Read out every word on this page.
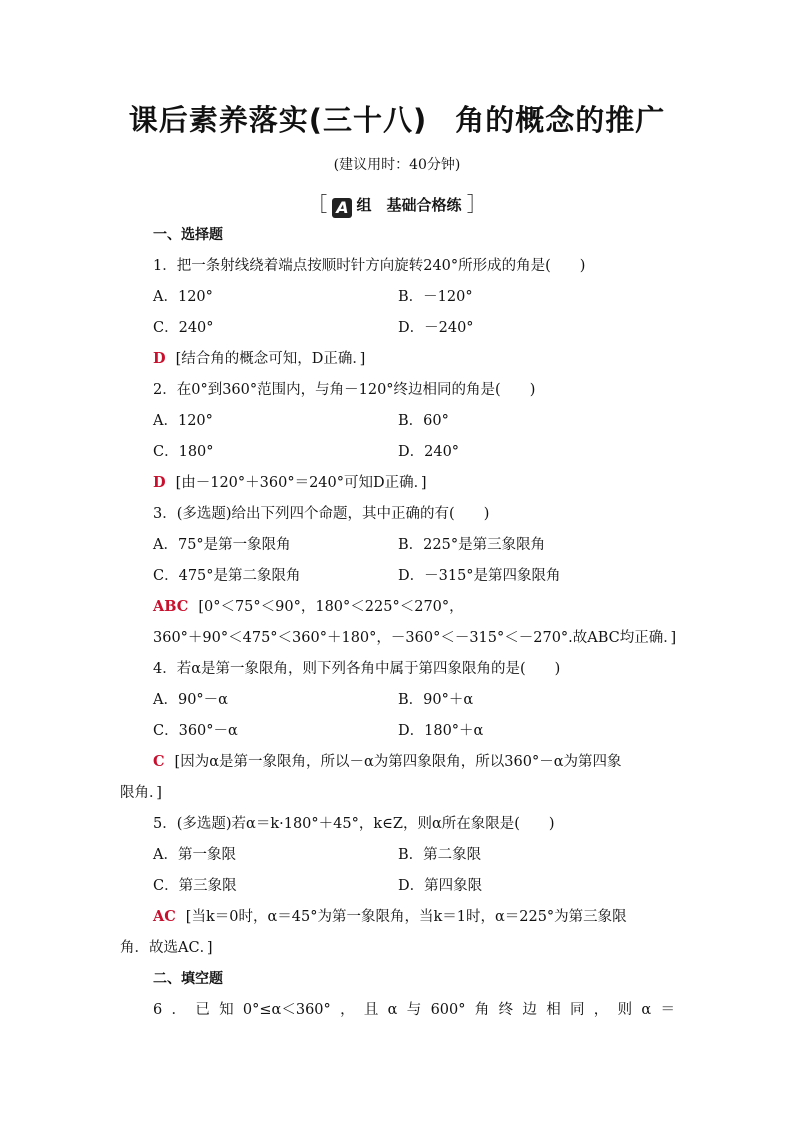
课后素养落实(三十八) 角的概念的推广
(建议用时：40分钟)
［ A 组　基础合格练 ］
一、选择题
1．把一条射线绕着端点按顺时针方向旋转240°所形成的角是(　　)
A．120°	B．－120°
C．240°	D．－240°
D [结合角的概念可知，D正确．]
2．在0°到360°范围内，与角－120°终边相同的角是(　　)
A．120°	B．60°
C．180°	D．240°
D [由－120°＋360°＝240°可知D正确．]
3．(多选题)给出下列四个命题，其中正确的有(　　)
A．75°是第一象限角	B．225°是第三象限角
C．475°是第二象限角	D．－315°是第四象限角
ABC [0°＜75°＜90°，180°＜225°＜270°，
360°＋90°＜475°＜360°＋180°，－360°＜－315°＜－270°.故ABC均正确．]
4．若α是第一象限角，则下列各角中属于第四象限角的是(　　)
A．90°－α	B．90°＋α
C．360°－α	D．180°＋α
C [因为α是第一象限角，所以－α为第四象限角，所以360°－α为第四象
限角．]
5．(多选题)若α＝k·180°＋45°，k∈Z，则α所在象限是(　　)
A．第一象限	B．第二象限
C．第三象限	D．第四象限
AC [当k＝0时，α＝45°为第一象限角，当k＝1时，α＝225°为第三象限
角．故选AC．]
二、填空题
6．已知0°≤α＜360°，且α与600°角终边相同，则α＝
